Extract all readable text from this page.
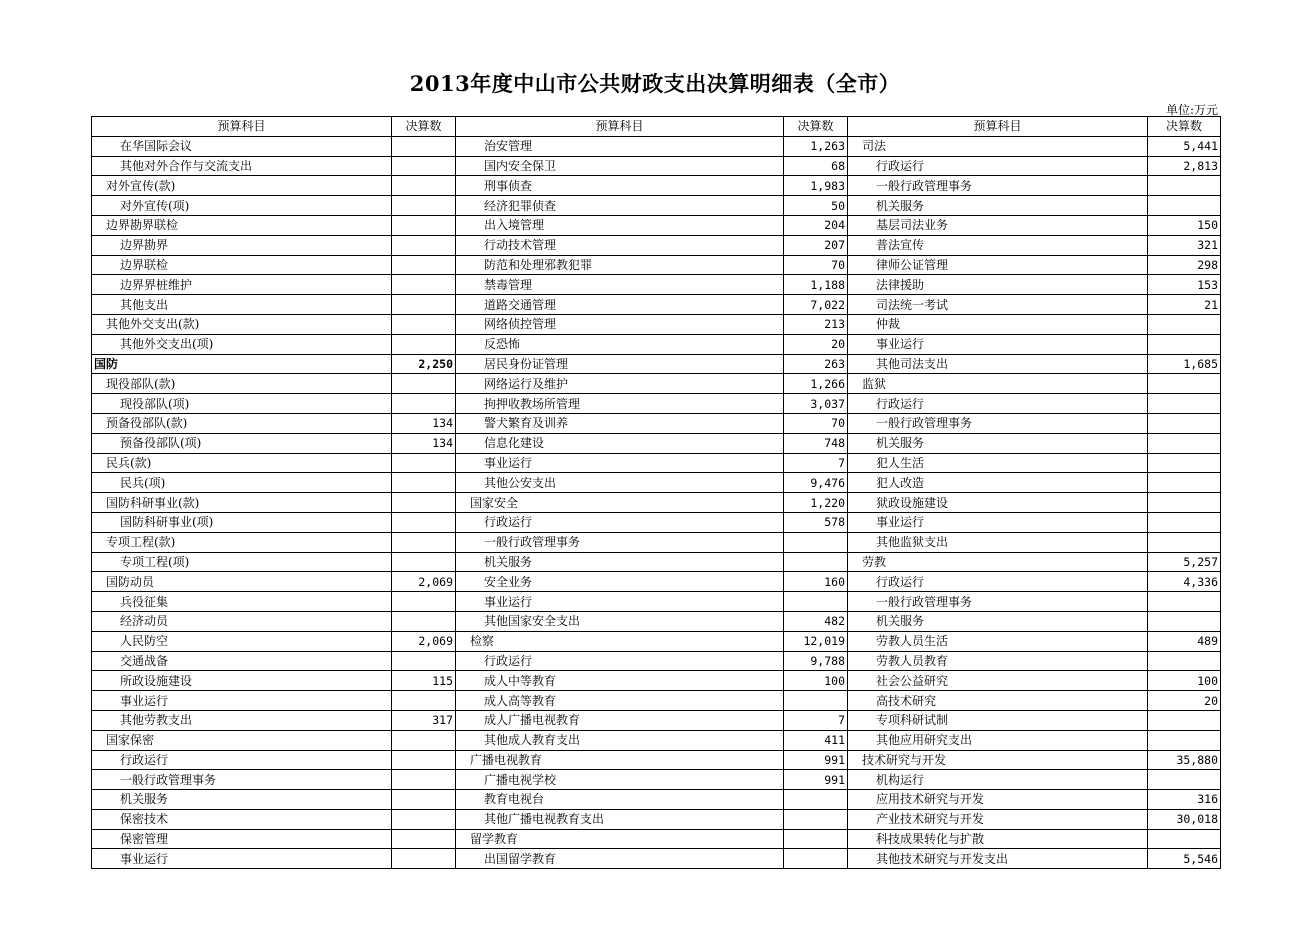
2013年度中山市公共财政支出决算明细表（全市）
单位:万元
预算科目	决算数	预算科目	决算数	预算科目	决算数
在华国际会议		治安管理	1,263	司法	5,441
其他对外合作与交流支出		国内安全保卫	68	行政运行	2,813
对外宣传(款)		刑事侦查	1,983	一般行政管理事务	
对外宣传(项)		经济犯罪侦查	50	机关服务	
边界勘界联检		出入境管理	204	基层司法业务	150
边界勘界		行动技术管理	207	普法宣传	321
边界联检		防范和处理邪教犯罪	70	律师公证管理	298
边界界桩维护		禁毒管理	1,188	法律援助	153
其他支出		道路交通管理	7,022	司法统一考试	21
其他外交支出(款)		网络侦控管理	213	仲裁	
其他外交支出(项)		反恐怖	20	事业运行	
国防	2,250	居民身份证管理	263	其他司法支出	1,685
现役部队(款)		网络运行及维护	1,266	监狱	
现役部队(项)		拘押收教场所管理	3,037	行政运行	
预备役部队(款)	134	警犬繁育及训养	70	一般行政管理事务	
预备役部队(项)	134	信息化建设	748	机关服务	
民兵(款)		事业运行	7	犯人生活	
民兵(项)		其他公安支出	9,476	犯人改造	
国防科研事业(款)		国家安全	1,220	狱政设施建设	
国防科研事业(项)		行政运行	578	事业运行	
专项工程(款)		一般行政管理事务		其他监狱支出	
专项工程(项)		机关服务		劳教	5,257
国防动员	2,069	安全业务	160	行政运行	4,336
兵役征集		事业运行		一般行政管理事务	
经济动员		其他国家安全支出	482	机关服务	
人民防空	2,069	检察	12,019	劳教人员生活	489
交通战备		行政运行	9,788	劳教人员教育	
所政设施建设	115	成人中等教育	100	社会公益研究	100
事业运行		成人高等教育		高技术研究	20
其他劳教支出	317	成人广播电视教育	7	专项科研试制	
国家保密		其他成人教育支出	411	其他应用研究支出	
行政运行		广播电视教育	991	技术研究与开发	35,880
一般行政管理事务		广播电视学校	991	机构运行	
机关服务		教育电视台		应用技术研究与开发	316
保密技术		其他广播电视教育支出		产业技术研究与开发	30,018
保密管理		留学教育		科技成果转化与扩散	
事业运行		出国留学教育		其他技术研究与开发支出	5,546
